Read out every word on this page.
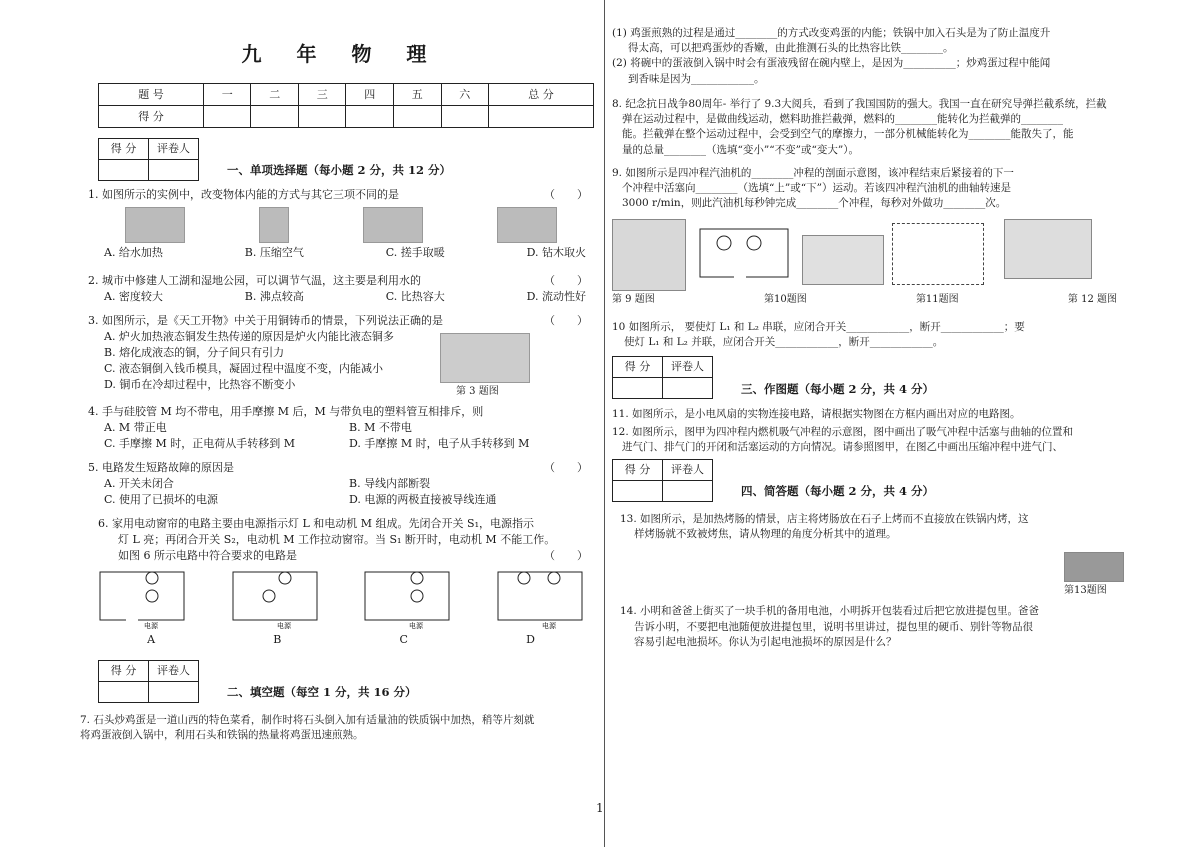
九 年 物 理
题 号	一	二	三	四	五	六	总 分
得 分							
得 分	评卷人

一、单项选择题（每小题 2 分，共 12 分）
（　　）
1. 如图所示的实例中，改变物体内能的方式与其它三项不同的是
A. 给水加热	B. 压缩空气	C. 搓手取暖	D. 钻木取火
（　　）
2. 城市中修建人工湖和湿地公园，可以调节气温，这主要是利用水的
A. 密度较大	B. 沸点较高	C. 比热容大	D. 流动性好
（　　）
3. 如图所示，是《天工开物》中关于用铜铸币的情景，下列说法正确的是
A. 炉火加热液态铜发生热传递的原因是炉火内能比液态铜多
B. 熔化成液态的铜，分子间只有引力
C. 液态铜倒入钱币模具，凝固过程中温度不变，内能减小
D. 铜币在冷却过程中，比热容不断变小
第 3 题图
4. 手与硅胶管 M 均不带电，用手摩擦 M 后，M 与带负电的塑料管互相排斥，则
A. M 带正电	B. M 不带电
C. 手摩擦 M 时，正电荷从手转移到 M	D. 手摩擦 M 时，电子从手转移到 M
（　　）
5. 电路发生短路故障的原因是
A. 开关未闭合	B. 导线内部断裂
C. 使用了已损坏的电源	D. 电源的两极直接被导线连通
6. 家用电动窗帘的电路主要由电源指示灯 L 和电动机 M 组成。先闭合开关 S₁，电源指示
灯 L 亮；再闭合开关 S₂，电动机 M 工作拉动窗帘。当 S₁ 断开时，电动机 M 不能工作。
（　　）
如图 6 所示电路中符合要求的电路是
电源	电源	电源	电源
A	B	C	D
得 分	评卷人

二、填空题（每空 1 分，共 16 分）
7. 石头炒鸡蛋是一道山西的特色菜肴，制作时将石头倒入加有适量油的铁质锅中加热，稍等片刻就
将鸡蛋液倒入锅中，利用石头和铁锅的热量将鸡蛋迅速煎熟。
(1) 鸡蛋煎熟的过程是通过________的方式改变鸡蛋的内能；铁锅中加入石头是为了防止温度升
得太高，可以把鸡蛋炒的香嫩，由此推测石头的比热容比铁________。
(2) 将碗中的蛋液倒入锅中时会有蛋液残留在碗内壁上，是因为__________；炒鸡蛋过程中能闻
到香味是因为____________。
8. 纪念抗日战争80周年- 举行了 9.3大阅兵，看到了我国国防的强大。我国一直在研究导弹拦截系统，拦截
弹在运动过程中，是做曲线运动，燃料助推拦截弹，燃料的________能转化为拦截弹的________
能。拦截弹在整个运动过程中，会受到空气的摩擦力，一部分机械能转化为________能散失了，能
量的总量________（选填“变小”“不变”或“变大”）。
9. 如图所示是四冲程汽油机的________冲程的剖面示意图，该冲程结束后紧接着的下一
个冲程中活塞向________（选填“上”或“下”）运动。若该四冲程汽油机的曲轴转速是
3000 r/min，则此汽油机每秒钟完成________个冲程，每秒对外做功________次。
第 9 题图	第10题图	第11题图	第 12 题图
10 如图所示， 要使灯 L₁ 和 L₂ 串联，应闭合开关____________，断开____________；要
使灯 L₁ 和 L₂ 并联，应闭合开关____________，断开____________。
得 分	评卷人

三、作图题（每小题 2 分，共 4 分）
11. 如图所示，是小电风扇的实物连接电路，请根据实物图在方框内画出对应的电路图。
12. 如图所示，图甲为四冲程内燃机吸气冲程的示意图，图中画出了吸气冲程中活塞与曲轴的位置和
进气门、排气门的开闭和活塞运动的方向情况。请参照图甲，在图乙中画出压缩冲程中进气门、
得 分	评卷人

四、简答题（每小题 2 分，共 4 分）
13. 如图所示，是加热烤肠的情景，店主将烤肠放在石子上烤而不直接放在铁锅内烤，这
样烤肠就不致被烤焦，请从物理的角度分析其中的道理。
第13题图
14. 小明和爸爸上街买了一块手机的备用电池，小明拆开包装看过后把它放进提包里。爸爸
告诉小明，不要把电池随便放进提包里，说明书里讲过，提包里的硬币、别针等物品很
容易引起电池损坏。你认为引起电池损坏的原因是什么？
1
